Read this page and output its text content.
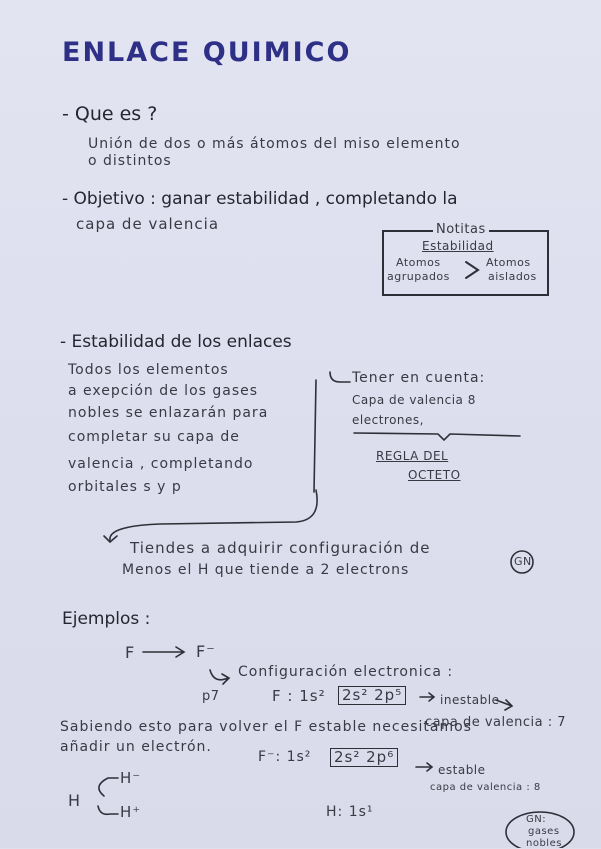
ENLACE QUIMICO
- Que es ?
Unión de dos o más átomos del miso elemento
o distintos
- Objetivo : ganar estabilidad , completando la
capa de valencia	Notitas
Estabilidad
Atomos
agrupados
Atomos
aislados
- Estabilidad de los enlaces
Todos los elementos
a exepción de los gases
nobles se enlazarán para
completar su capa de
valencia , completando
orbitales s y p
Tener en cuenta:
Capa de valencia 8
electrones,
REGLA DEL
OCTETO
Tiendes a adquirir configuración de
GN
Menos el H que tiende a 2 electrons
Ejemplos :
F	F⁻
Configuración electronica :
p7	F : 1s² 2s² 2p⁵	inestable
capa de valencia : 7
Sabiendo esto para volver el F estable necesitamos
añadir un electrón.
F⁻: 1s² 2s² 2p⁶
estable
capa de valencia : 8
H
H⁻
H⁺	H: 1s¹	GN:
gases
nobles
